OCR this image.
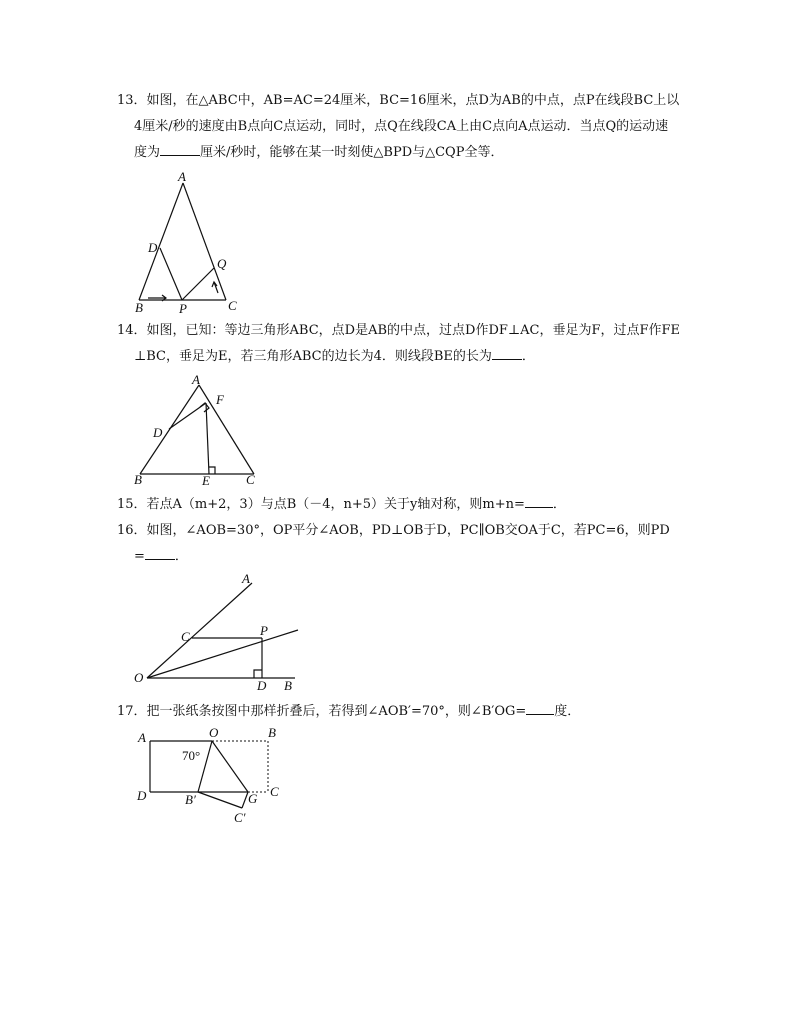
13．如图，在△ABC中，AB=AC=24厘米，BC=16厘米，点D为AB的中点，点P在线段BC上以
4厘米/秒的速度由B点向C点运动，同时，点Q在线段CA上由C点向A点运动．当点Q的运动速
度为	厘米/秒时，能够在某一时刻使△BPD与△CQP全等．
A
B	C
D
P
Q
14．如图，已知：等边三角形ABC，点D是AB的中点，过点D作DF⊥AC，垂足为F，过点F作FE
⊥BC，垂足为E，若三角形ABC的边长为4．则线段BE的长为 ．
A
B	C
D
E
F
15．若点A（m+2，3）与点B（－4，n+5）关于y轴对称，则m+n= ．
16．如图，∠AOB=30°，OP平分∠AOB，PD⊥OB于D，PC∥OB交OA于C，若PC=6，则PD
= ．
A
B
C
D
O
P
17．把一张纸条按图中那样折叠后，若得到∠AOB′=70°，则∠B′OG= 度．
A	B
C
D
O
G
B′
C′
70°
